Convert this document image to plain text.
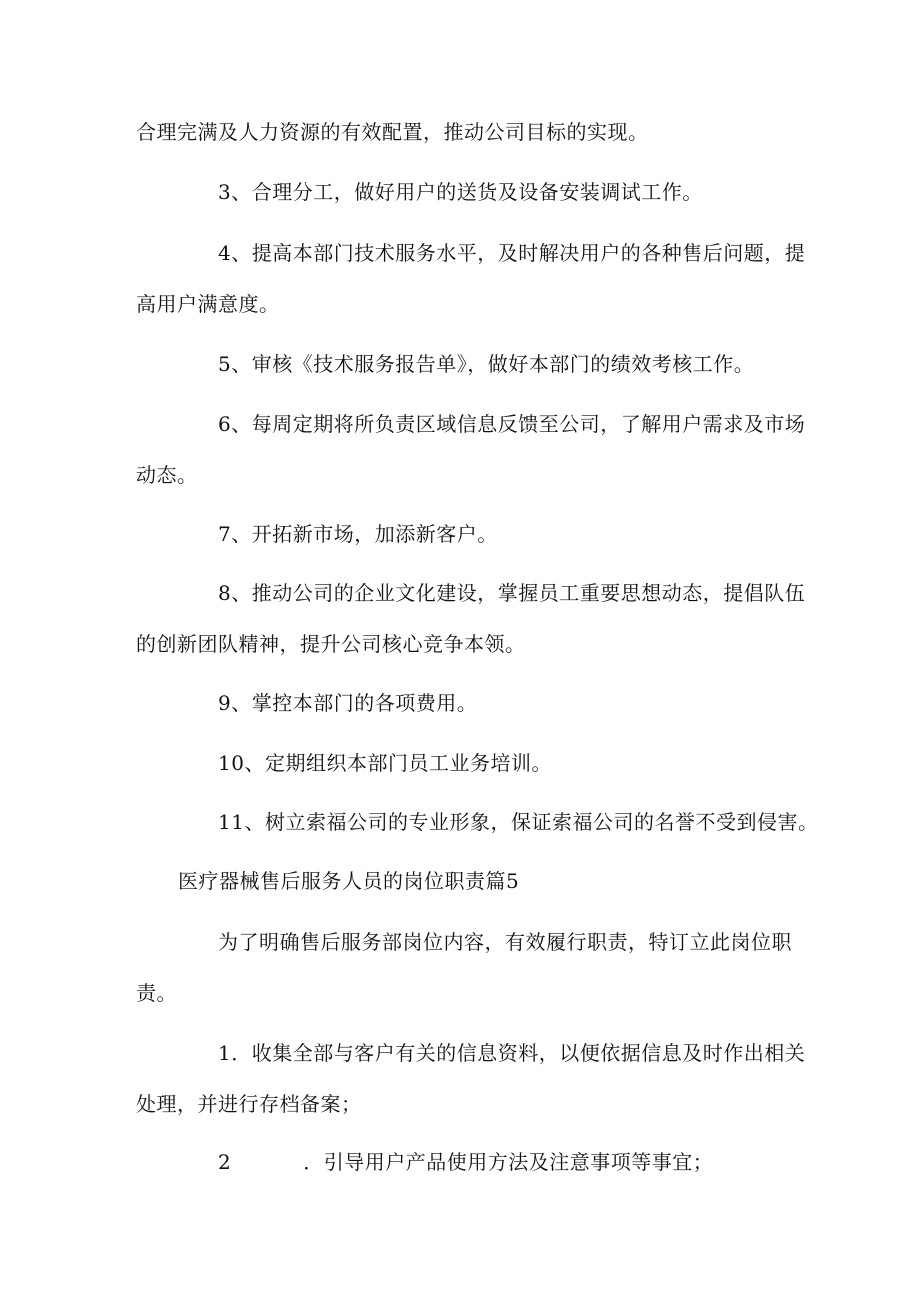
合理完满及人力资源的有效配置，推动公司目标的实现。

3、合理分工，做好用户的送货及设备安装调试工作。

4、提高本部门技术服务水平，及时解决用户的各种售后问题，提

高用户满意度。

5、审核《技术服务报告单》，做好本部门的绩效考核工作。

6、每周定期将所负责区域信息反馈至公司，了解用户需求及市场

动态。

7、开拓新市场，加添新客户。

8、推动公司的企业文化建设，掌握员工重要思想动态，提倡队伍

的创新团队精神，提升公司核心竞争本领。

9、掌控本部门的各项费用。

10、定期组织本部门员工业务培训。

11、树立索福公司的专业形象，保证索福公司的名誉不受到侵害。

医疗器械售后服务人员的岗位职责篇5

为了明确售后服务部岗位内容，有效履行职责，特订立此岗位职

责。

1．收集全部与客户有关的信息资料，以便依据信息及时作出相关

处理，并进行存档备案；

2	．引导用户产品使用方法及注意事项等事宜；
